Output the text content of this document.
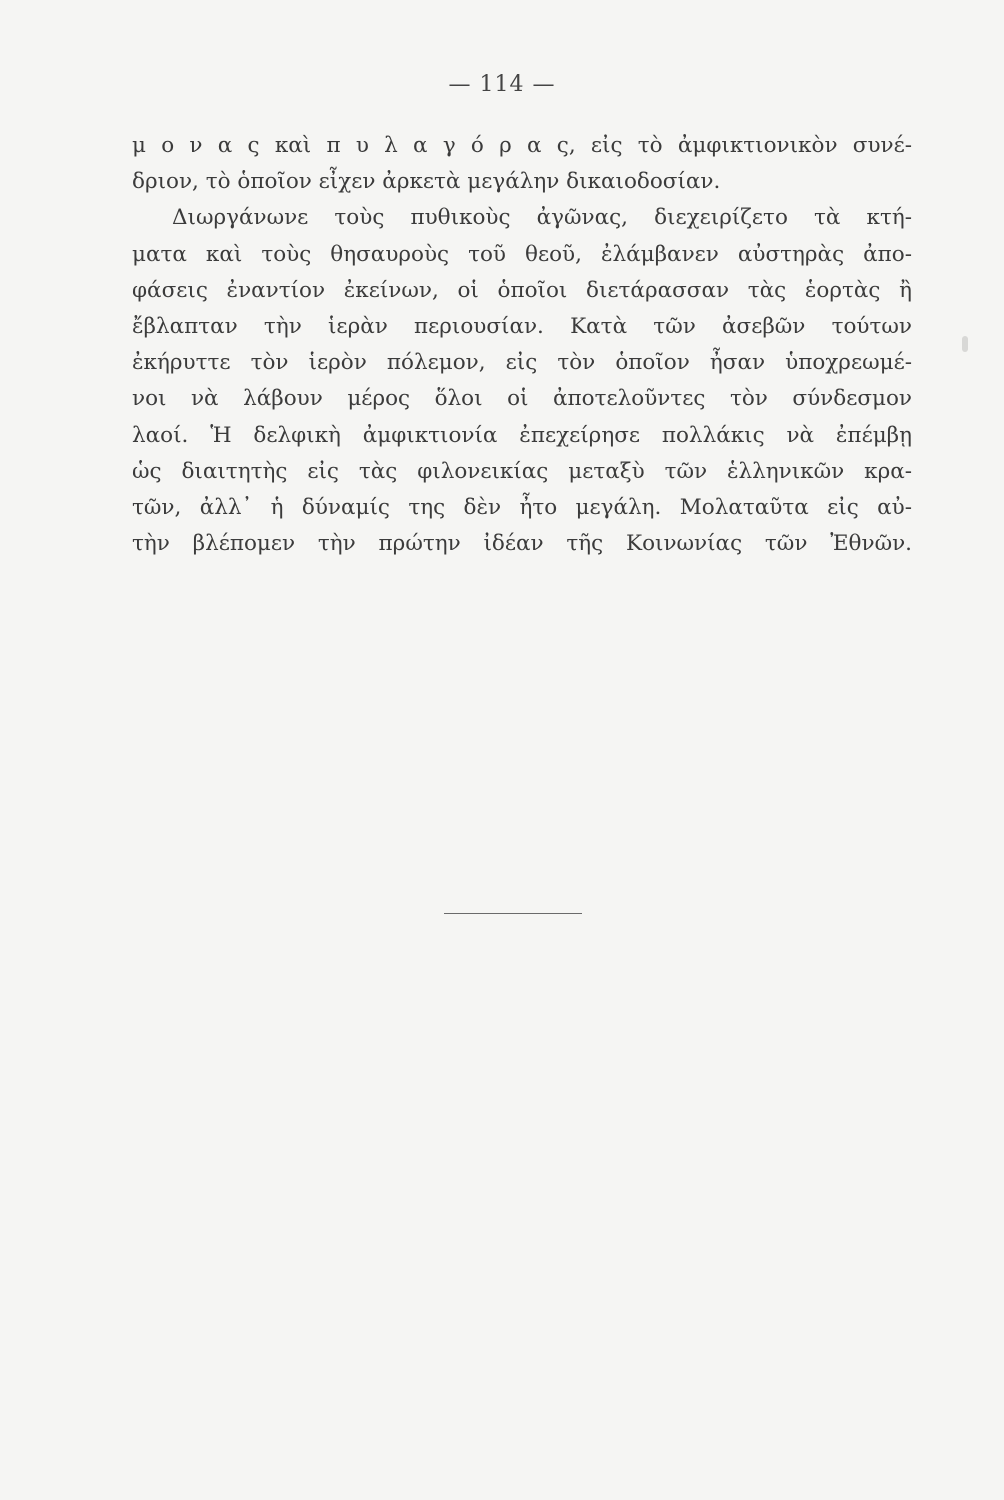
— 114 —
μ ο ν α ς καὶ π υ λ α γ ό ρ α ς, εἰς τὸ ἀμφικτιονικὸν συνέ-
δριον, τὸ ὁποῖον εἶχεν ἀρκετὰ μεγάλην δικαιοδοσίαν.
Διωργάνωνε τοὺς πυθικοὺς ἀγῶνας, διεχειρίζετο τὰ κτή-
ματα καὶ τοὺς θησαυροὺς τοῦ θεοῦ, ἐλάμβανεν αὐστηρὰς ἀπο-
φάσεις ἐναντίον ἐκείνων, οἱ ὁποῖοι διετάρασσαν τὰς ἑορτὰς ἢ
ἔβλαπταν τὴν ἱερὰν περιουσίαν. Κατὰ τῶν ἀσεβῶν τούτων
ἐκήρυττε τὸν ἱερὸν πόλεμον, εἰς τὸν ὁποῖον ἦσαν ὑποχρεωμέ-
νοι νὰ λάβουν μέρος ὅλοι οἱ ἀποτελοῦντες τὸν σύνδεσμον
λαοί. Ἡ δελφικὴ ἀμφικτιονία ἐπεχείρησε πολλάκις νὰ ἐπέμβῃ
ὡς διαιτητὴς εἰς τὰς φιλονεικίας μεταξὺ τῶν ἑλληνικῶν κρα-
τῶν, ἀλλ᾽ ἡ δύναμίς της δὲν ἦτο μεγάλη. Μολαταῦτα εἰς αὐ-
τὴν βλέπομεν τὴν πρώτην ἰδέαν τῆς Κοινωνίας τῶν Ἐθνῶν.
